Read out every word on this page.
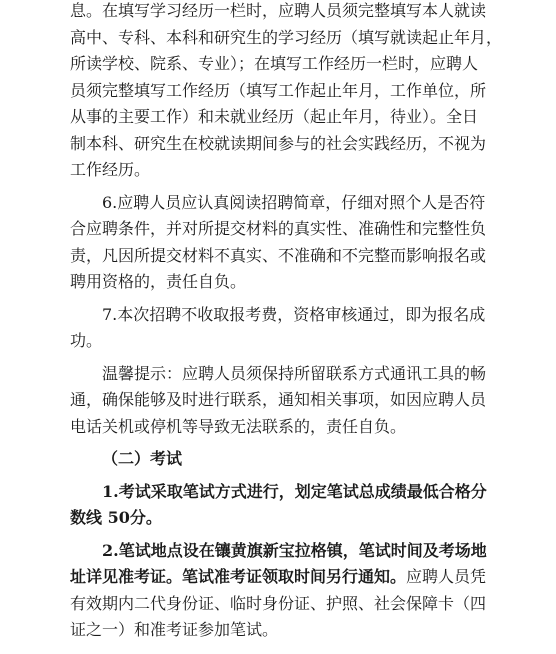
息。在填写学习经历一栏时，应聘人员须完整填写本人就读
高中、专科、本科和研究生的学习经历（填写就读起止年月，
所读学校、院系、专业）；在填写工作经历一栏时，应聘人
员须完整填写工作经历（填写工作起止年月，工作单位，所
从事的主要工作）和未就业经历（起止年月，待业）。全日
制本科、研究生在校就读期间参与的社会实践经历，不视为
工作经历。
6.应聘人员应认真阅读招聘简章，仔细对照个人是否符
合应聘条件，并对所提交材料的真实性、准确性和完整性负
责，凡因所提交材料不真实、不准确和不完整而影响报名或
聘用资格的，责任自负。
7.本次招聘不收取报考费，资格审核通过，即为报名成
功。
温馨提示：应聘人员须保持所留联系方式通讯工具的畅
通，确保能够及时进行联系，通知相关事项，如因应聘人员
电话关机或停机等导致无法联系的，责任自负。
（二）考试
1.考试采取笔试方式进行，划定笔试总成绩最低合格分
数线 50分。
2.笔试地点设在镶黄旗新宝拉格镇，笔试时间及考场地
址详见准考证。笔试准考证领取时间另行通知。应聘人员凭
有效期内二代身份证、临时身份证、护照、社会保障卡（四
证之一）和准考证参加笔试。
